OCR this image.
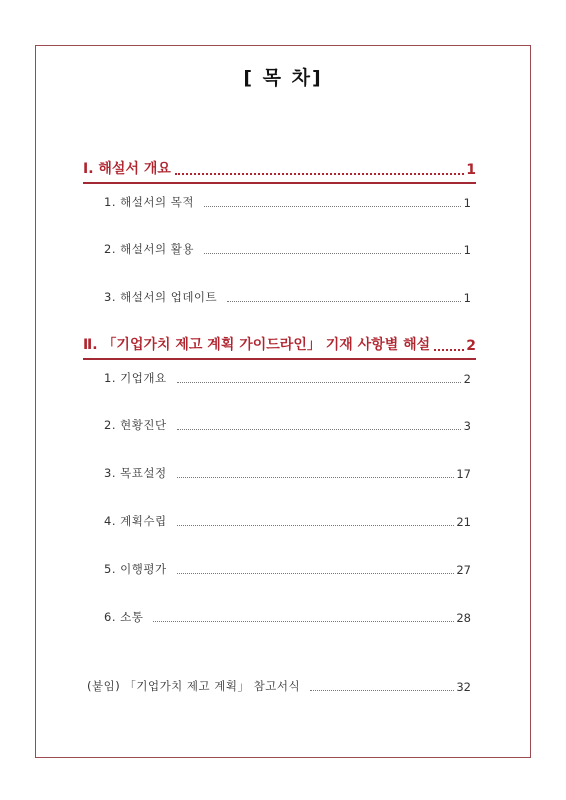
[ 목 차]
Ⅰ. 해설서 개요	1
1. 해설서의 목적	1
2. 해설서의 활용	1
3. 해설서의 업데이트	1
Ⅱ. 「기업가치 제고 계획 가이드라인」 기재 사항별 해설	2
1. 기업개요	2
2. 현황진단	3
3. 목표설정	17
4. 계획수립	21
5. 이행평가	27
6. 소통	28
(붙임) 「기업가치 제고 계획」 참고서식	32
